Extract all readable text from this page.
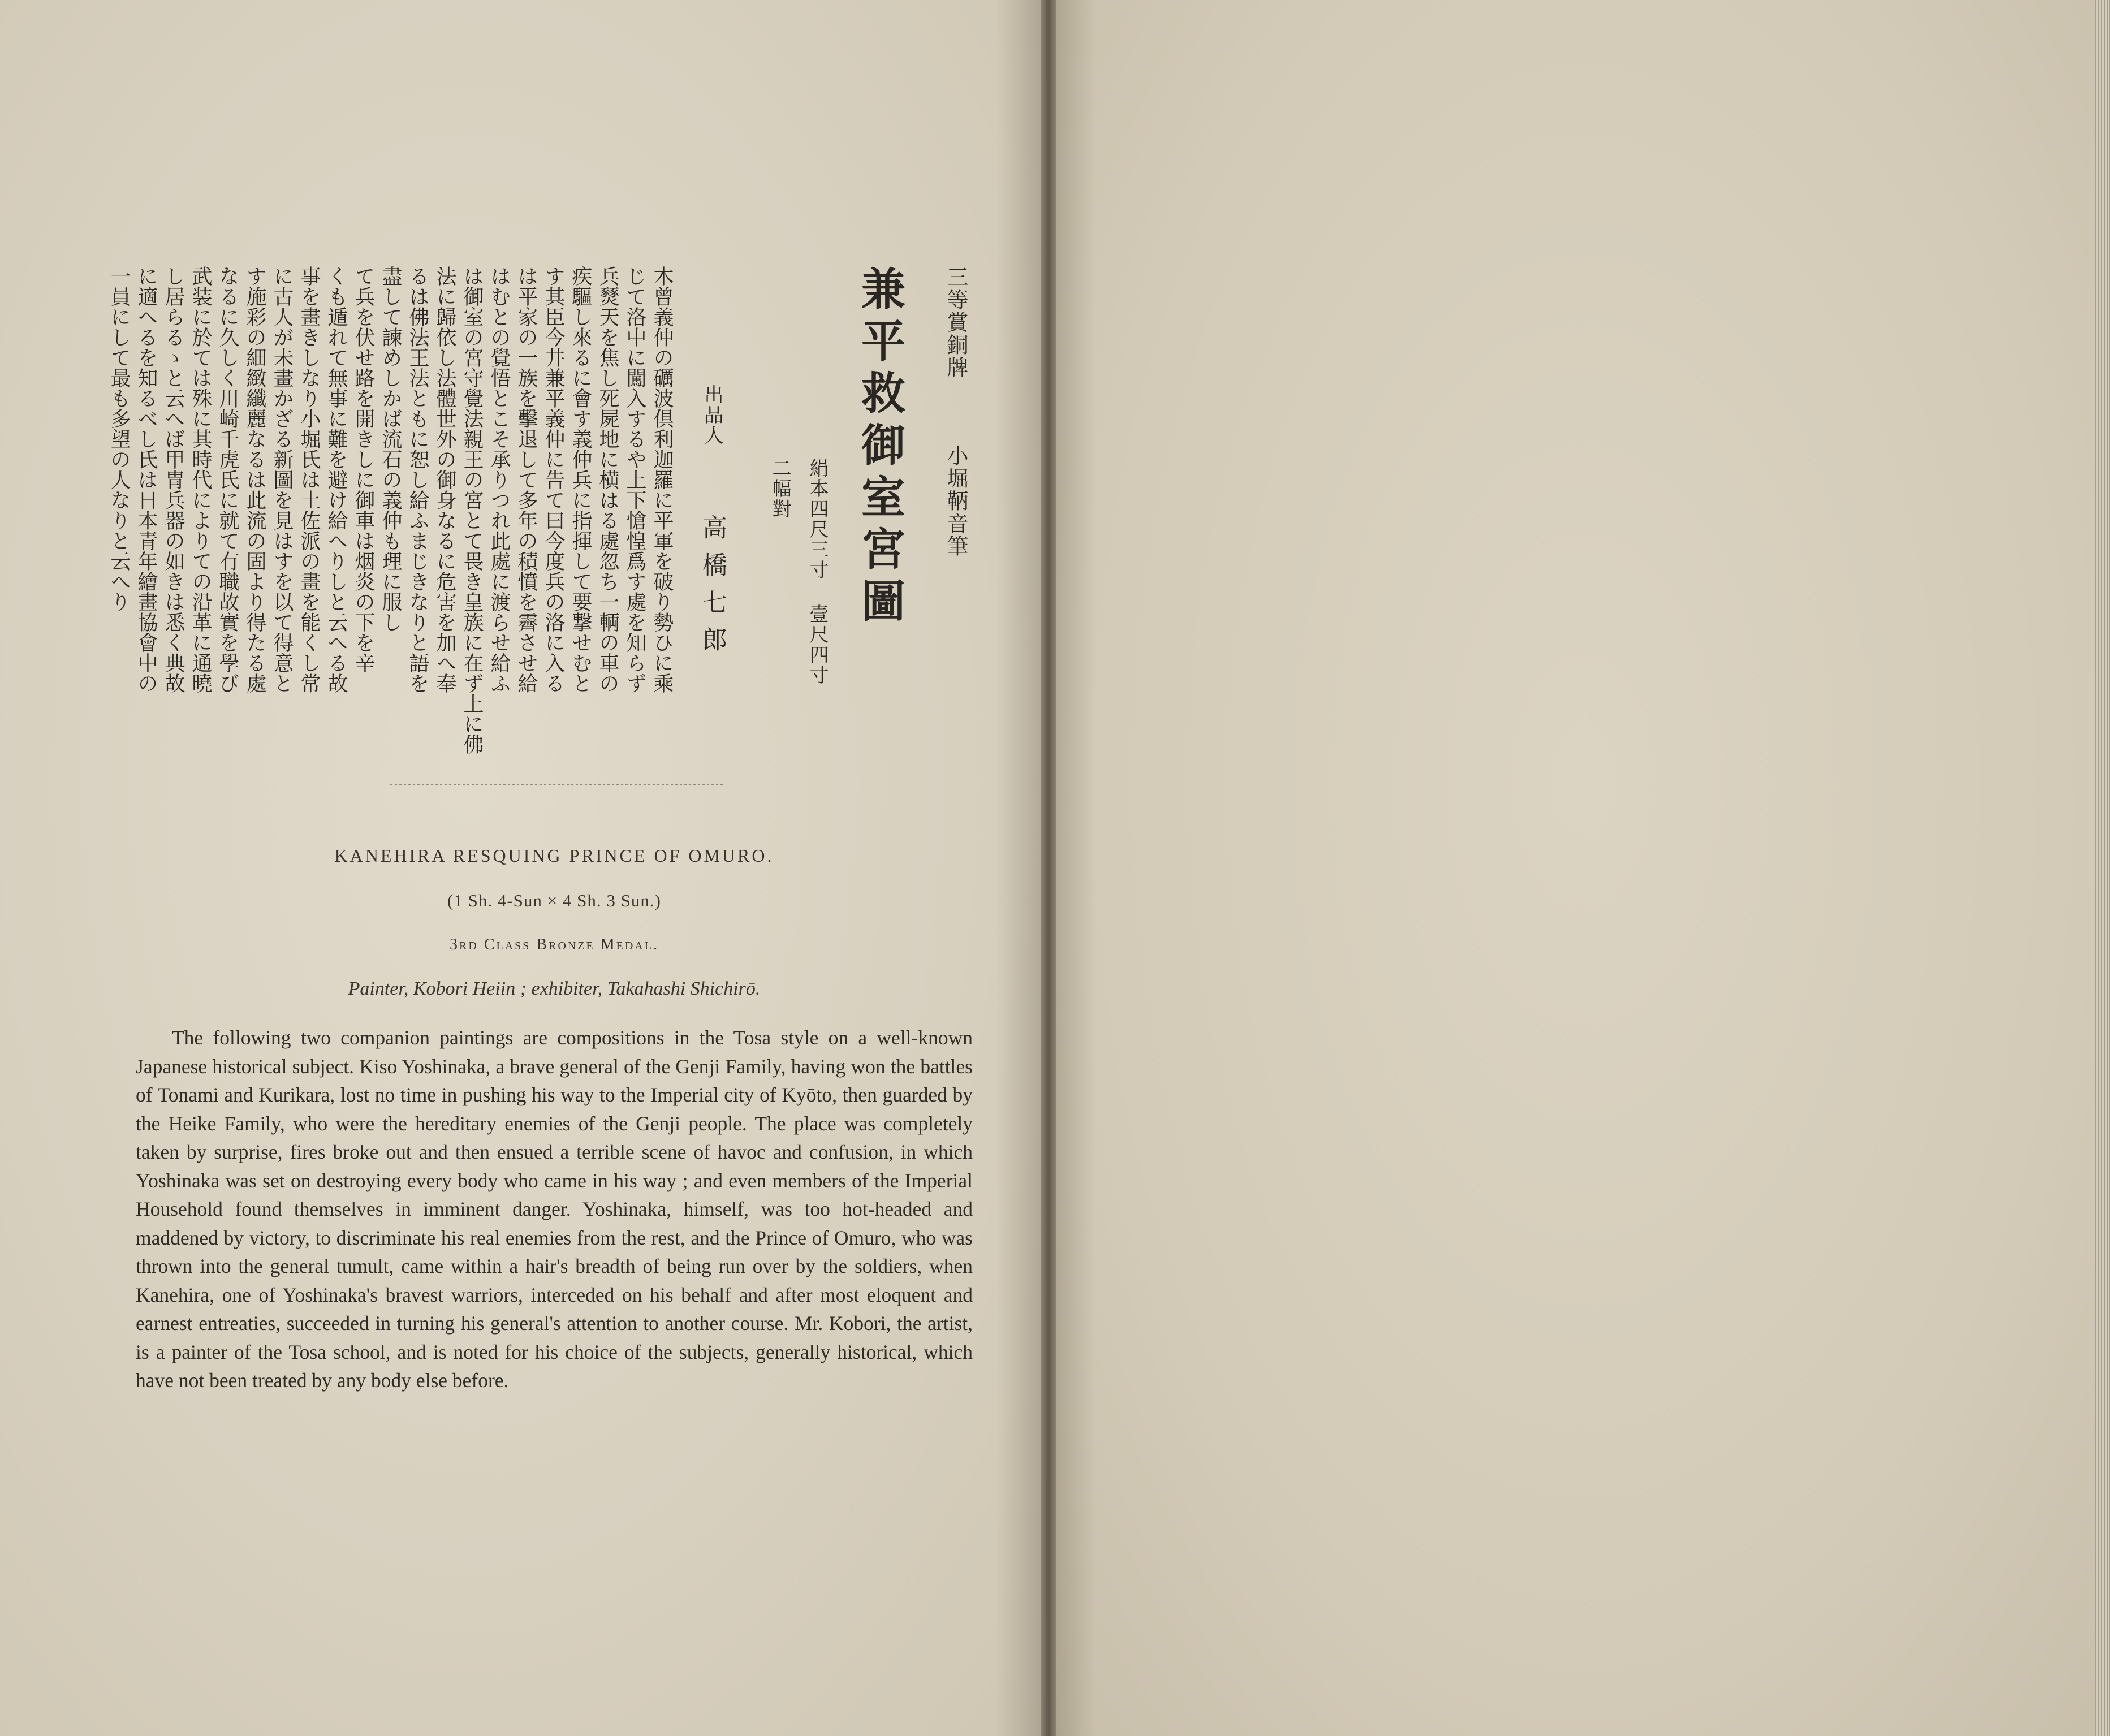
三等賞銅牌  小堀鞆音筆
兼平救御室宮圖
絹本四尺三寸 壹尺四寸
二幅對
出品人  高橋七郎
木曾義仲の礪波倶利迦羅に平軍を破り勢ひに乘
じて洛中に闖入するや上下愴惶爲す處を知らず
兵燹天を焦し死屍地に横はる處忽ち一輌の車の
疾驅し來るに會す義仲兵に指揮して要撃せむと
す其臣今井兼平義仲に告て曰今度兵の洛に入る
は平家の一族を擊退して多年の積憤を霽させ給
はむとの覺悟とこそ承りつれ此處に渡らせ給ふ
は御室の宮守覺法親王の宮とて畏き皇族に在ず上に佛
法に歸依し法體世外の御身なるに危害を加へ奉
るは佛法王法ともに恕し給ふまじきなりと語を
盡して諫めしかば流石の義仲も理に服し
て兵を伏せ路を開きしに御車は烟炎の下を辛
くも遁れて無事に難を避け給へりしと云へる故
事を畫きしなり小堀氏は土佐派の畫を能くし常
に古人が未畫かざる新圖を見はすを以て得意と
す施彩の細緻纖麗なるは此流の固より得たる處
なるに久しく川崎千虎氏に就て有職故實を學び
武装に於ては殊に其時代によりての沿革に通曉
し居らるゝと云へば甲冑兵器の如きは悉く典故
に適へるを知るべし氏は日本青年繪畫協會中の
一員にして最も多望の人なりと云へり
KANEHIRA RESQUING PRINCE OF OMURO.
(1 Sh. 4-Sun × 4 Sh. 3 Sun.)
3rd Class Bronze Medal.
Painter, Kobori Heiin ; exhibiter, Takahashi Shichirō.
The following two companion paintings are compositions in the Tosa style on a well-known Japanese historical subject. Kiso Yoshinaka, a brave general of the Genji Family, having won the battles of Tonami and Kurikara, lost no time in pushing his way to the Imperial city of Kyōto, then guarded by the Heike Family, who were the hereditary enemies of the Genji people. The place was completely taken by surprise, fires broke out and then ensued a terrible scene of havoc and confusion, in which Yoshinaka was set on destroying every body who came in his way ; and even members of the Imperial Household found themselves in imminent danger. Yoshinaka, himself, was too hot-headed and maddened by victory, to discriminate his real enemies from the rest, and the Prince of Omuro, who was thrown into the general tumult, came within a hair's breadth of being run over by the soldiers, when Kanehira, one of Yoshinaka's bravest warriors, interceded on his behalf and after most eloquent and earnest entreaties, succeeded in turning his general's attention to another course. Mr. Kobori, the artist, is a painter of the Tosa school, and is noted for his choice of the subjects, generally historical, which have not been treated by any body else before.
